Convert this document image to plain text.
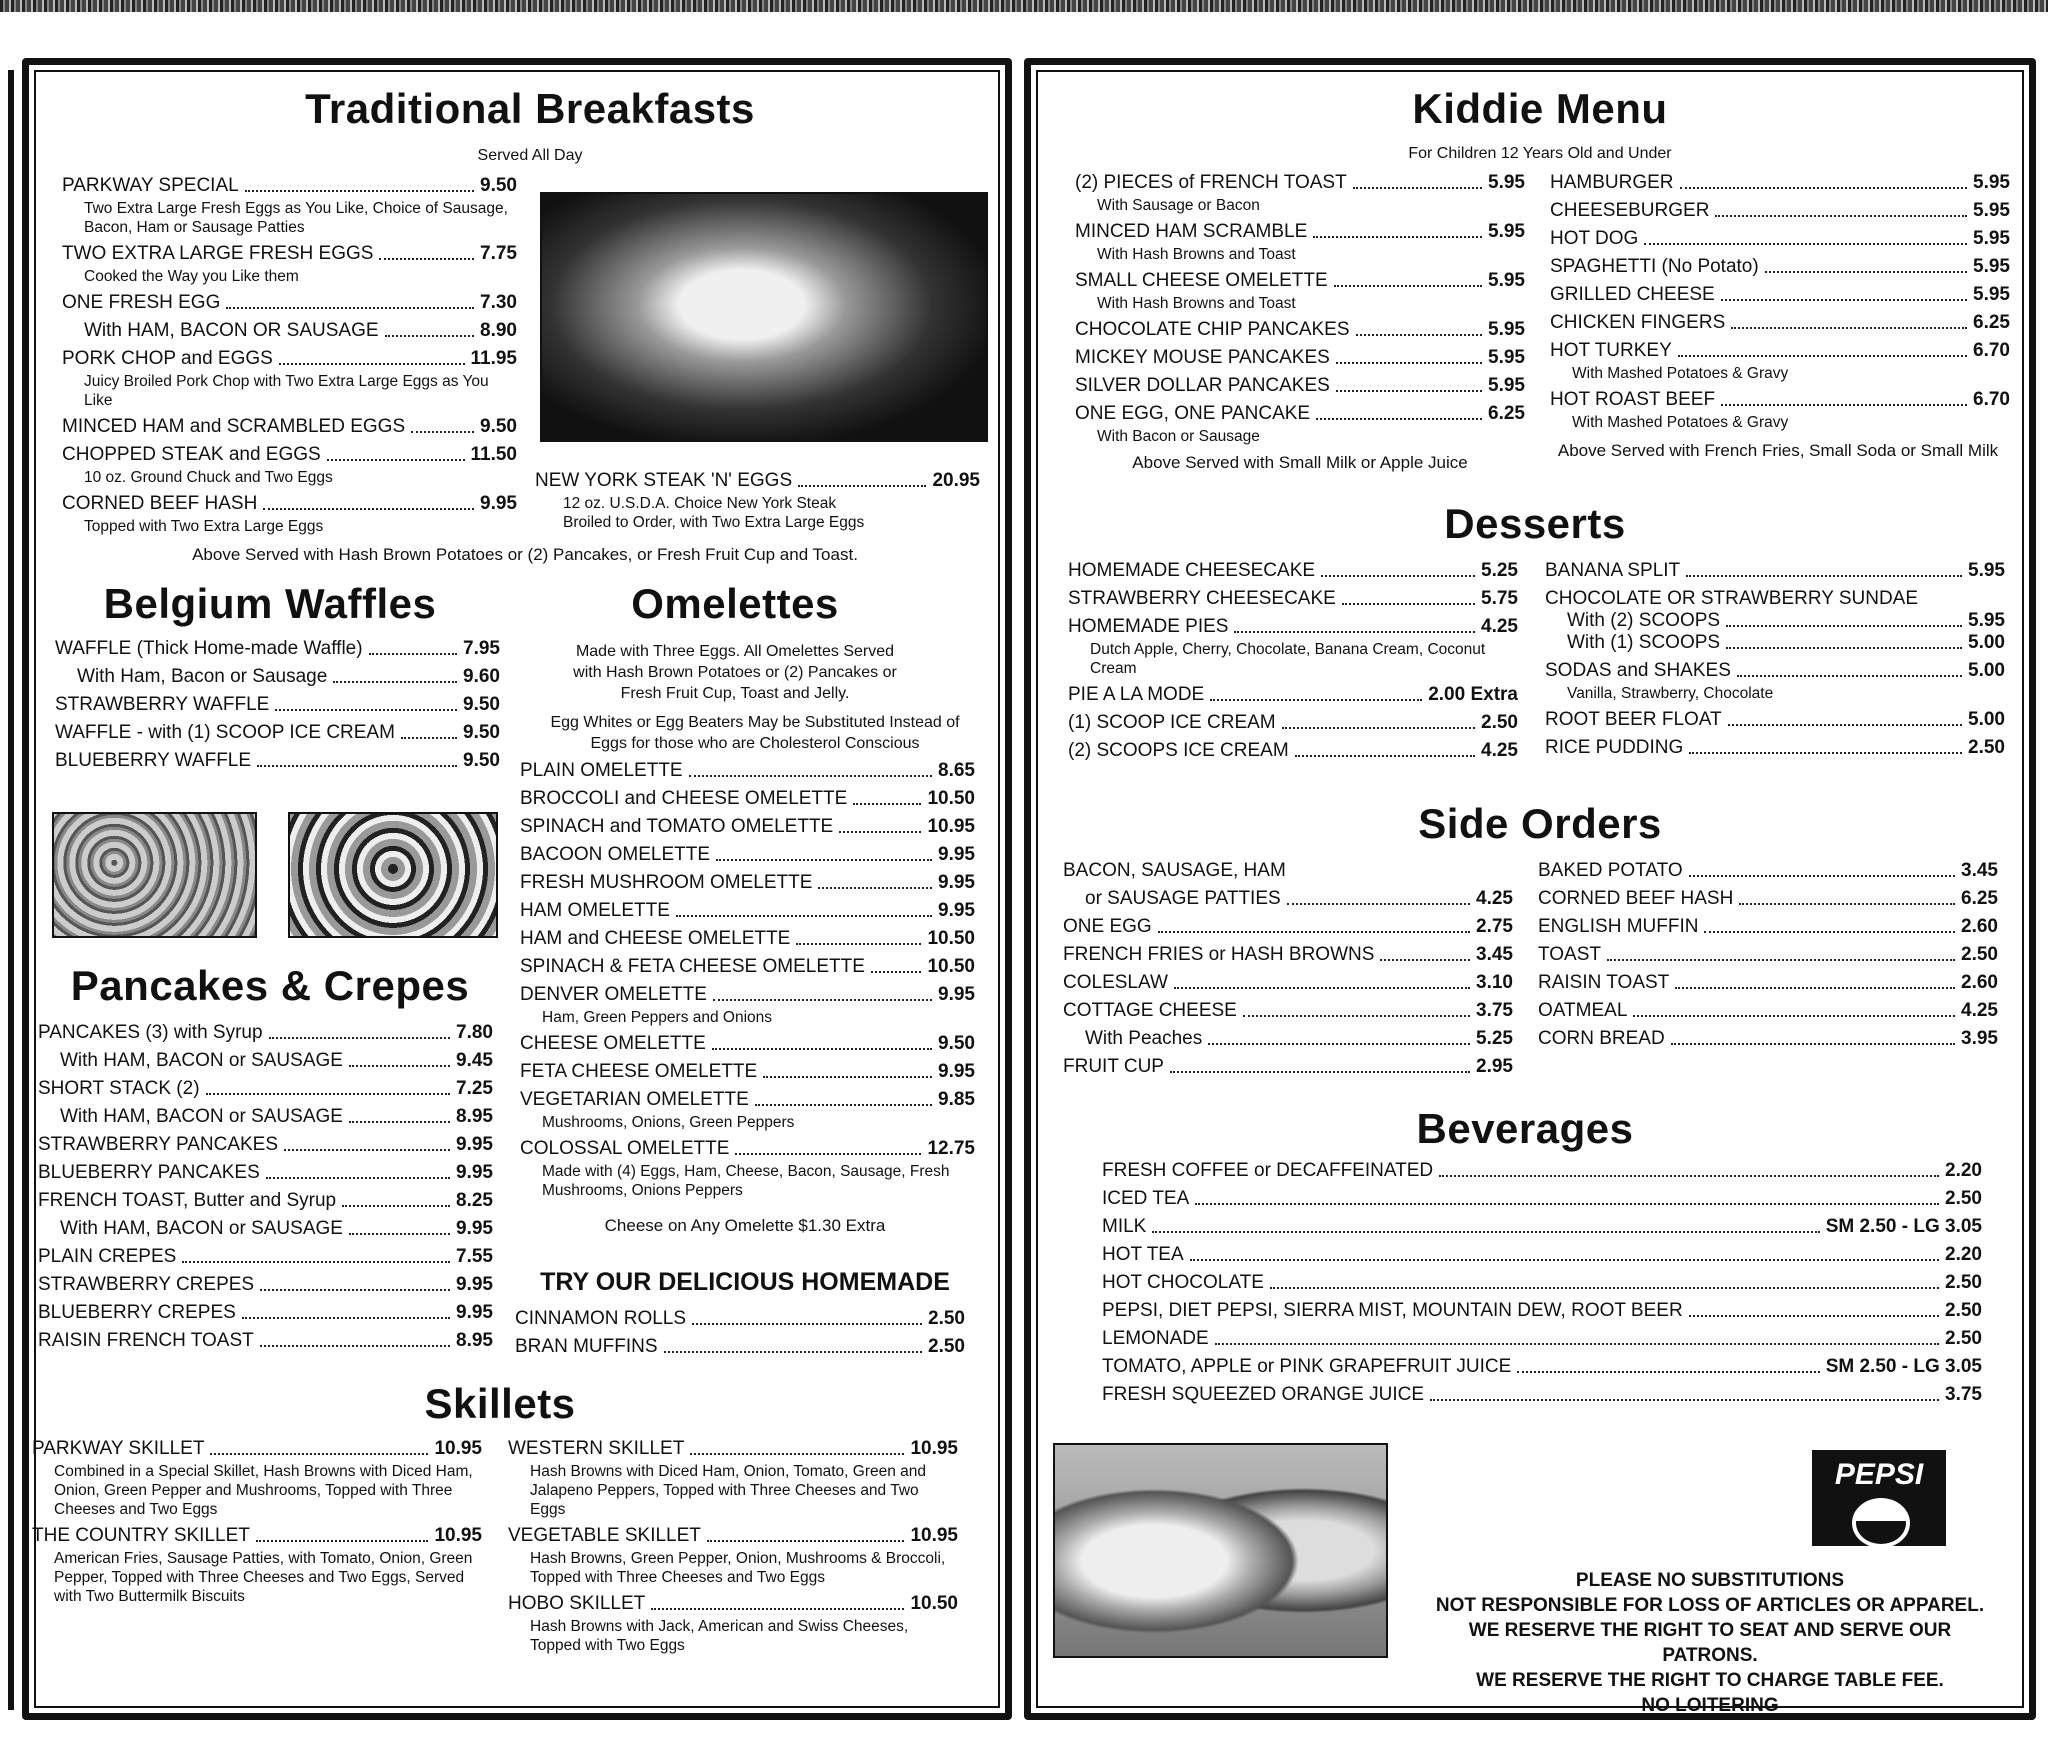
Traditional Breakfasts
Served All Day
PARKWAY SPECIAL	9.50
Two Extra Large Fresh Eggs as You Like, Choice of Sausage, Bacon, Ham or Sausage Patties
TWO EXTRA LARGE FRESH EGGS	7.75
Cooked the Way you Like them
ONE FRESH EGG	7.30
With HAM, BACON OR SAUSAGE	8.90
PORK CHOP and EGGS	11.95
Juicy Broiled Pork Chop with Two Extra Large Eggs as You Like
MINCED HAM and SCRAMBLED EGGS	9.50
CHOPPED STEAK and EGGS	11.50
10 oz. Ground Chuck and Two Eggs
CORNED BEEF HASH	9.95
Topped with Two Extra Large Eggs
NEW YORK STEAK 'N' EGGS	20.95
12 oz. U.S.D.A. Choice New York Steak Broiled to Order, with Two Extra Large Eggs
Above Served with Hash Brown Potatoes or (2) Pancakes, or Fresh Fruit Cup and Toast.
Belgium Waffles
WAFFLE (Thick Home-made Waffle)	7.95
With Ham, Bacon or Sausage	9.60
STRAWBERRY WAFFLE	9.50
WAFFLE - with (1) SCOOP ICE CREAM	9.50
BLUEBERRY WAFFLE	9.50
Pancakes & Crepes
PANCAKES (3) with Syrup	7.80
With HAM, BACON or SAUSAGE	9.45
SHORT STACK (2)	7.25
With HAM, BACON or SAUSAGE	8.95
STRAWBERRY PANCAKES	9.95
BLUEBERRY PANCAKES	9.95
FRENCH TOAST, Butter and Syrup	8.25
With HAM, BACON or SAUSAGE	9.95
PLAIN CREPES	7.55
STRAWBERRY CREPES	9.95
BLUEBERRY CREPES	9.95
RAISIN FRENCH TOAST	8.95
Omelettes
Made with Three Eggs. All Omelettes Served with Hash Brown Potatoes or (2) Pancakes or Fresh Fruit Cup, Toast and Jelly.
Egg Whites or Egg Beaters May be Substituted Instead of Eggs for those who are Cholesterol Conscious
PLAIN OMELETTE	8.65
BROCCOLI and CHEESE OMELETTE	10.50
SPINACH and TOMATO OMELETTE	10.95
BACOON OMELETTE	9.95
FRESH MUSHROOM OMELETTE	9.95
HAM OMELETTE	9.95
HAM and CHEESE OMELETTE	10.50
SPINACH & FETA CHEESE OMELETTE	10.50
DENVER OMELETTE	9.95
Ham, Green Peppers and Onions
CHEESE OMELETTE	9.50
FETA CHEESE OMELETTE	9.95
VEGETARIAN OMELETTE	9.85
Mushrooms, Onions, Green Peppers
COLOSSAL OMELETTE	12.75
Made with (4) Eggs, Ham, Cheese, Bacon, Sausage, Fresh Mushrooms, Onions Peppers
Cheese on Any Omelette $1.30 Extra
TRY OUR DELICIOUS HOMEMADE
CINNAMON ROLLS	2.50
BRAN MUFFINS	2.50
Skillets
PARKWAY SKILLET	10.95
Combined in a Special Skillet, Hash Browns with Diced Ham, Onion, Green Pepper and Mushrooms, Topped with Three Cheeses and Two Eggs
THE COUNTRY SKILLET	10.95
American Fries, Sausage Patties, with Tomato, Onion, Green Pepper, Topped with Three Cheeses and Two Eggs, Served with Two Buttermilk Biscuits
WESTERN SKILLET	10.95
Hash Browns with Diced Ham, Onion, Tomato, Green and Jalapeno Peppers, Topped with Three Cheeses and Two Eggs
VEGETABLE SKILLET	10.95
Hash Browns, Green Pepper, Onion, Mushrooms & Broccoli, Topped with Three Cheeses and Two Eggs
HOBO SKILLET	10.50
Hash Browns with Jack, American and Swiss Cheeses, Topped with Two Eggs
Kiddie Menu
For Children 12 Years Old and Under
(2) PIECES of FRENCH TOAST	5.95
With Sausage or Bacon
MINCED HAM SCRAMBLE	5.95
With Hash Browns and Toast
SMALL CHEESE OMELETTE	5.95
With Hash Browns and Toast
CHOCOLATE CHIP PANCAKES	5.95
MICKEY MOUSE PANCAKES	5.95
SILVER DOLLAR PANCAKES	5.95
ONE EGG, ONE PANCAKE	6.25
With Bacon or Sausage
Above Served with Small Milk or Apple Juice
HAMBURGER	5.95
CHEESEBURGER	5.95
HOT DOG	5.95
SPAGHETTI (No Potato)	5.95
GRILLED CHEESE	5.95
CHICKEN FINGERS	6.25
HOT TURKEY	6.70
With Mashed Potatoes & Gravy
HOT ROAST BEEF	6.70
With Mashed Potatoes & Gravy
Above Served with French Fries, Small Soda or Small Milk
Desserts
HOMEMADE CHEESECAKE	5.25
STRAWBERRY CHEESECAKE	5.75
HOMEMADE PIES	4.25
Dutch Apple, Cherry, Chocolate, Banana Cream, Coconut Cream
PIE A LA MODE	2.00 Extra
(1) SCOOP ICE CREAM	2.50
(2) SCOOPS ICE CREAM	4.25
BANANA SPLIT	5.95
CHOCOLATE OR STRAWBERRY SUNDAE
With (2) SCOOPS	5.95
With (1) SCOOPS	5.00
SODAS and SHAKES	5.00
Vanilla, Strawberry, Chocolate
ROOT BEER FLOAT	5.00
RICE PUDDING	2.50
Side Orders
BACON, SAUSAGE, HAM
or SAUSAGE PATTIES	4.25
ONE EGG	2.75
FRENCH FRIES or HASH BROWNS	3.45
COLESLAW	3.10
COTTAGE CHEESE	3.75
With Peaches	5.25
FRUIT CUP	2.95
BAKED POTATO	3.45
CORNED BEEF HASH	6.25
ENGLISH MUFFIN	2.60
TOAST	2.50
RAISIN TOAST	2.60
OATMEAL	4.25
CORN BREAD	3.95
Beverages
FRESH COFFEE or DECAFFEINATED	2.20
ICED TEA	2.50
MILK	SM 2.50 - LG 3.05
HOT TEA	2.20
HOT CHOCOLATE	2.50
PEPSI, DIET PEPSI, SIERRA MIST, MOUNTAIN DEW, ROOT BEER	2.50
LEMONADE	2.50
TOMATO, APPLE or PINK GRAPEFRUIT JUICE	SM 2.50 - LG 3.05
FRESH SQUEEZED ORANGE JUICE	3.75
PEPSI
PLEASE NO SUBSTITUTIONS
NOT RESPONSIBLE FOR LOSS OF ARTICLES OR APPAREL.
WE RESERVE THE RIGHT TO SEAT AND SERVE OUR PATRONS.
WE RESERVE THE RIGHT TO CHARGE TABLE FEE.
NO LOITERING
